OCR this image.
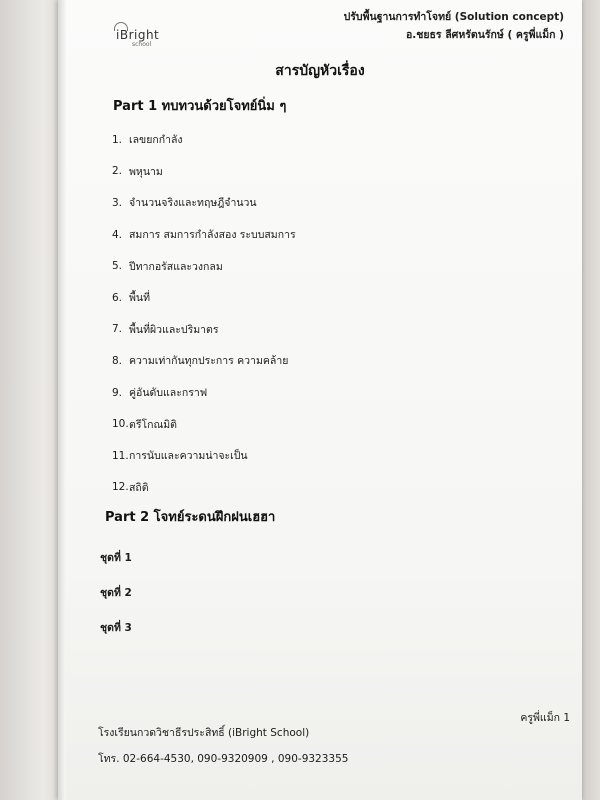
iBright
school
ปรับพื้นฐานการทำโจทย์ (Solution concept)
อ.ชยธร ลีศหรัตนรักษ์ ( ครูพี่แม็ก )
สารบัญหัวเรื่อง
Part 1 ทบทวนด้วยโจทย์นิ่ม ๆ
1. เลขยกกำลัง
2. พหุนาม
3. จำนวนจริงและทฤษฎีจำนวน
4. สมการ สมการกำลังสอง ระบบสมการ
5. ปีทากอรัสและวงกลม
6. พื้นที่
7. พื้นที่ผิวและปริมาตร
8. ความเท่ากันทุกประการ ความคล้าย
9. คู่อันดับและกราฟ
10. ตรีโกณมิติ
11. การนับและความน่าจะเป็น
12. สถิติ
Part 2 โจทย์ระดนฝึกฝนเฮฮา
ชุดที่ 1
ชุดที่ 2
ชุดที่ 3
ครูพี่แม็ก 1
โรงเรียนกวดวิชาธีรประสิทธิ์ (iBright School)
โทร. 02-664-4530, 090-9320909 , 090-9323355
